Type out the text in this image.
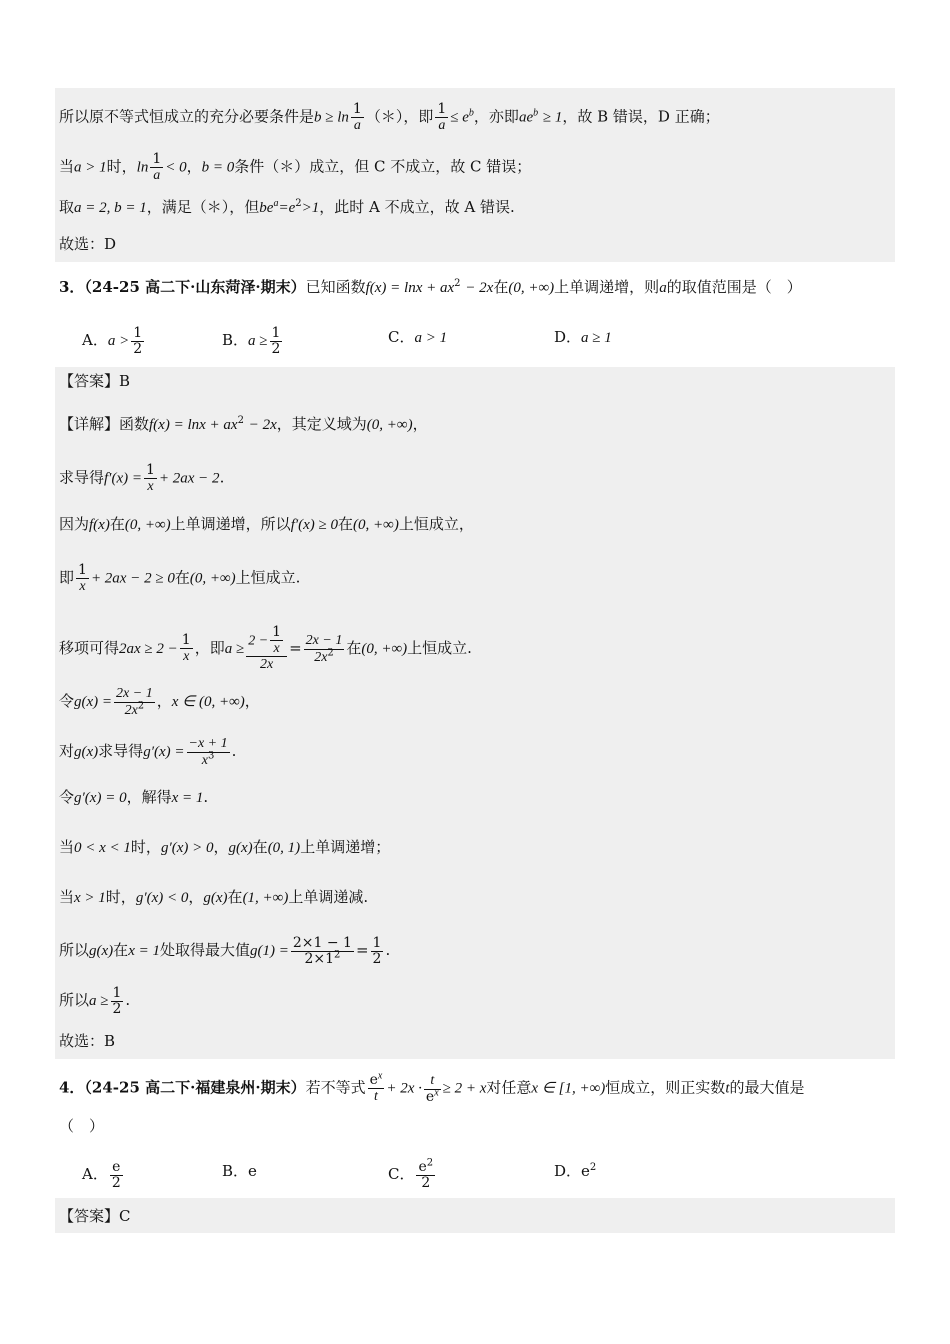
所以原不等式恒成立的充分必要条件是$b \ge \ln \frac{1}{a}$ （＊），即 $\frac{1}{a} \le e^b$，亦即$ae^b \ge 1$，故 B 错误，D 正确；
当a > 1时，$\ln \frac{1}{a} < 0$，b = 0条件（＊）成立，但 C 不成立，故 C 错误；
取a = 2, b = 1，满足（＊），但$be^a=e^2>1$，此时 A 不成立，故 A 错误.
故选：D
3．（24-25 高二下·山东菏泽·期末）已知函数$f(x) = \ln x + ax^2 - 2x$在(0, +∞)上单调递增，则a的取值范围是（　）
A．$a > \frac{1}{2}$	B．$a \ge \frac{1}{2}$	C．a > 1	D．a ≥ 1
【答案】B
【详解】函数$f(x) = \ln x + ax^2 - 2x$，其定义域为(0, +∞)，
求导得$f'(x) = \frac{1}{x} + 2ax - 2$.
因为f(x)在(0, +∞)上单调递增，所以f′(x) ≥ 0在(0, +∞)上恒成立，
即 $\frac{1}{x} + 2ax - 2 \ge 0$在(0, +∞)上恒成立.
移项可得$2ax \ge 2 - \frac{1}{x}$ ，即$a \ge \frac{2 - \frac{1}{x}}{2x} = \frac{2x - 1}{2x^2}$ 在(0, +∞)上恒成立.
令$g(x) = \frac{2x - 1}{2x^2}$ ，x ∈ (0, +∞)，
对g(x)求导得$g'(x) = \frac{-x + 1}{x^3}$ .
令g′(x) = 0，解得x = 1.
当0 < x < 1时，g′(x) > 0，g(x)在(0, 1)上单调递增；
当x > 1时，g′(x) < 0，g(x)在(1, +∞)上单调递减.
所以g(x)在x = 1处取得最大值$g(1) = \frac{2\times 1 - 1}{2\times 1^2} = \frac{1}{2}$ .
所以$a \ge \frac{1}{2}$ .
故选：B
4．（24-25 高二下·福建泉州·期末）若不等式 $\frac{e^x}{t} + 2x \cdot \frac{t}{e^x} \ge 2 + x$对任意x ∈ [1, +∞)恒成立，则正实数t的最大值是
（　）
A． $\frac{e}{2}$	B．e	C． $\frac{e^2}{2}$	D．$e^2$
【答案】C
